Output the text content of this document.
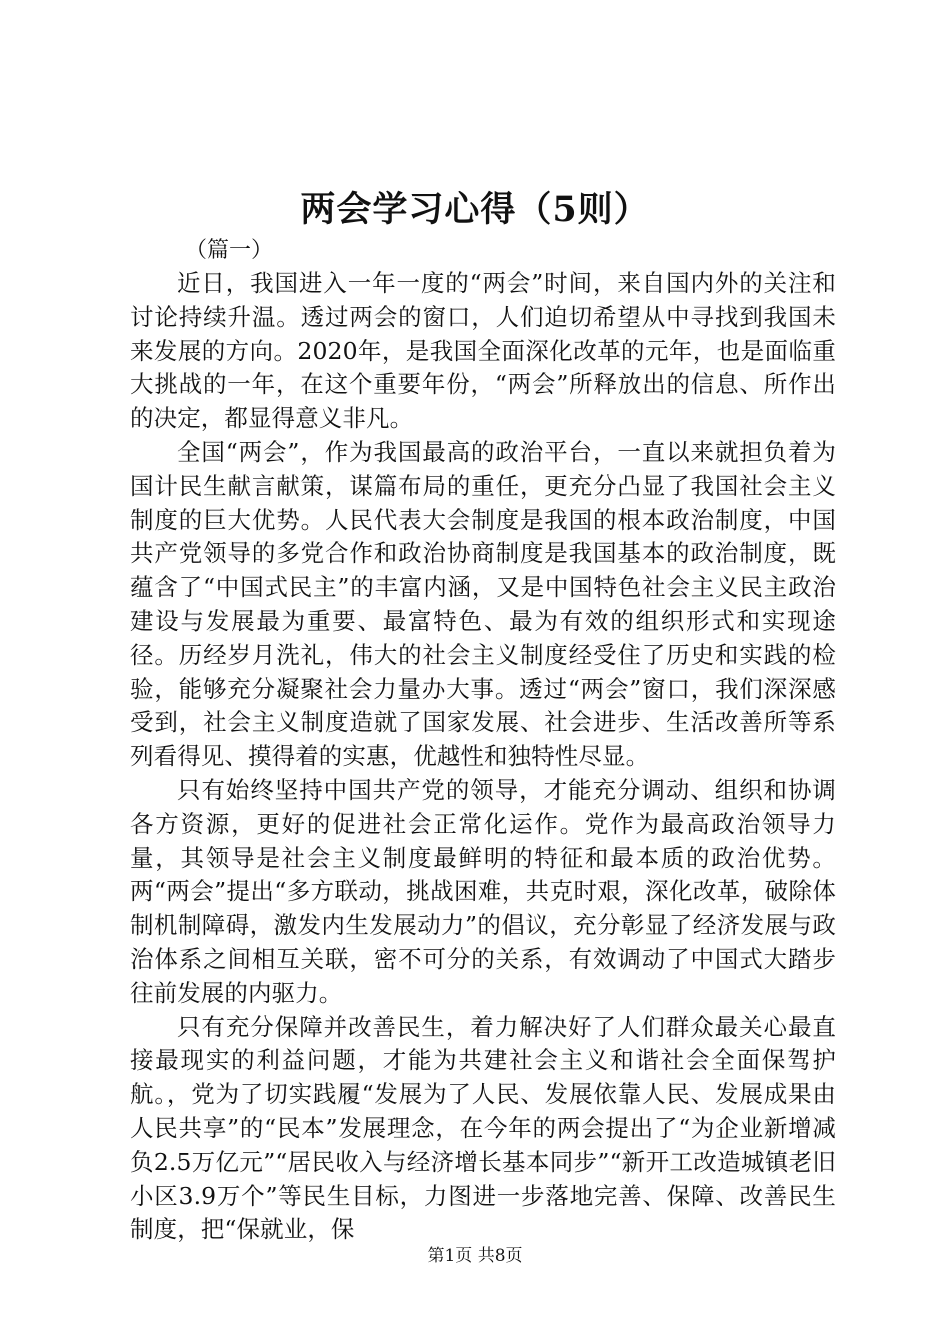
两会学习心得（5则）
（篇一）

近日，我国进入一年一度的“两会”时间，来自国内外的关注和讨论持续升温。透过两会的窗口，人们迫切希望从中寻找到我国未来发展的方向。2020年，是我国全面深化改革的元年，也是面临重大挑战的一年，在这个重要年份，“两会”所释放出的信息、所作出的决定，都显得意义非凡。

全国“两会”，作为我国最高的政治平台，一直以来就担负着为国计民生献言献策，谋篇布局的重任，更充分凸显了我国社会主义制度的巨大优势。人民代表大会制度是我国的根本政治制度，中国共产党领导的多党合作和政治协商制度是我国基本的政治制度，既蕴含了“中国式民主”的丰富内涵，又是中国特色社会主义民主政治建设与发展最为重要、最富特色、最为有效的组织形式和实现途径。历经岁月洗礼，伟大的社会主义制度经受住了历史和实践的检验，能够充分凝聚社会力量办大事。透过“两会”窗口，我们深深感受到，社会主义制度造就了国家发展、社会进步、生活改善所等系列看得见、摸得着的实惠，优越性和独特性尽显。

只有始终坚持中国共产党的领导，才能充分调动、组织和协调各方资源，更好的促进社会正常化运作。党作为最高政治领导力量，其领导是社会主义制度最鲜明的特征和最本质的政治优势。两“两会”提出“多方联动，挑战困难，共克时艰，深化改革，破除体制机制障碍，激发内生发展动力”的倡议，充分彰显了经济发展与政治体系之间相互关联，密不可分的关系，有效调动了中国式大踏步往前发展的内驱力。

只有充分保障并改善民生，着力解决好了人们群众最关心最直接最现实的利益问题，才能为共建社会主义和谐社会全面保驾护航。，党为了切实践履“发展为了人民、发展依靠人民、发展成果由人民共享”的“民本”发展理念，在今年的两会提出了“为企业新增减负2.5万亿元”“居民收入与经济增长基本同步”“新开工改造城镇老旧小区3.9万个”等民生目标，力图进一步落地完善、保障、改善民生制度，把“保就业，保

第1页 共8页
